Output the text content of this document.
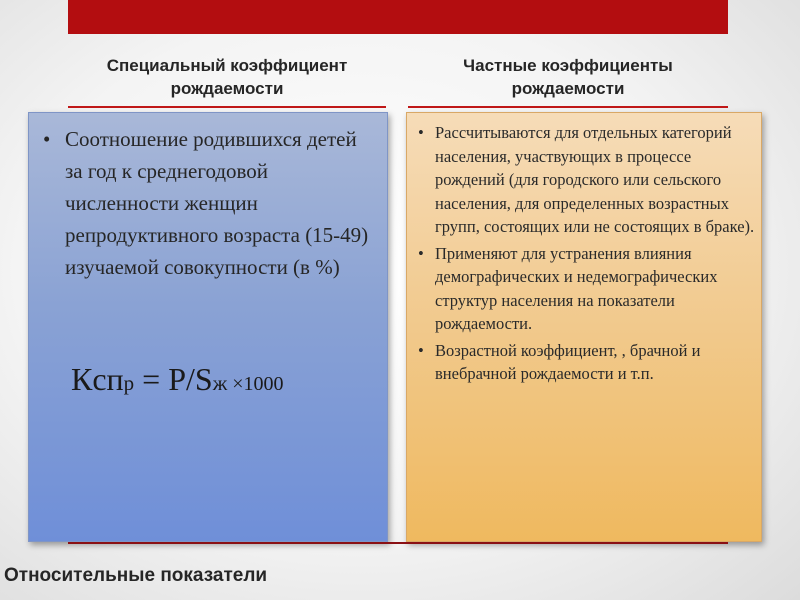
Специальный коэффициент
рождаемости
Частные коэффициенты
рождаемости
• Соотношение родившихся детей за год к среднегодовой численности женщин репродуктивного возраста (15-49) изучаемой совокупности (в %)
Кcпр = Р/Sж ×1000
• Рассчитываются для отдельных категорий населения, участвующих в процессе рождений (для городского или сельского населения, для определенных возрастных групп, состоящих или не состоящих в браке).
• Применяют для устранения влияния демографических и недемографических структур населения на показатели рождаемости.
• Возрастной коэффициент, , брачной и внебрачной рождаемости и т.п.
Относительные показатели
